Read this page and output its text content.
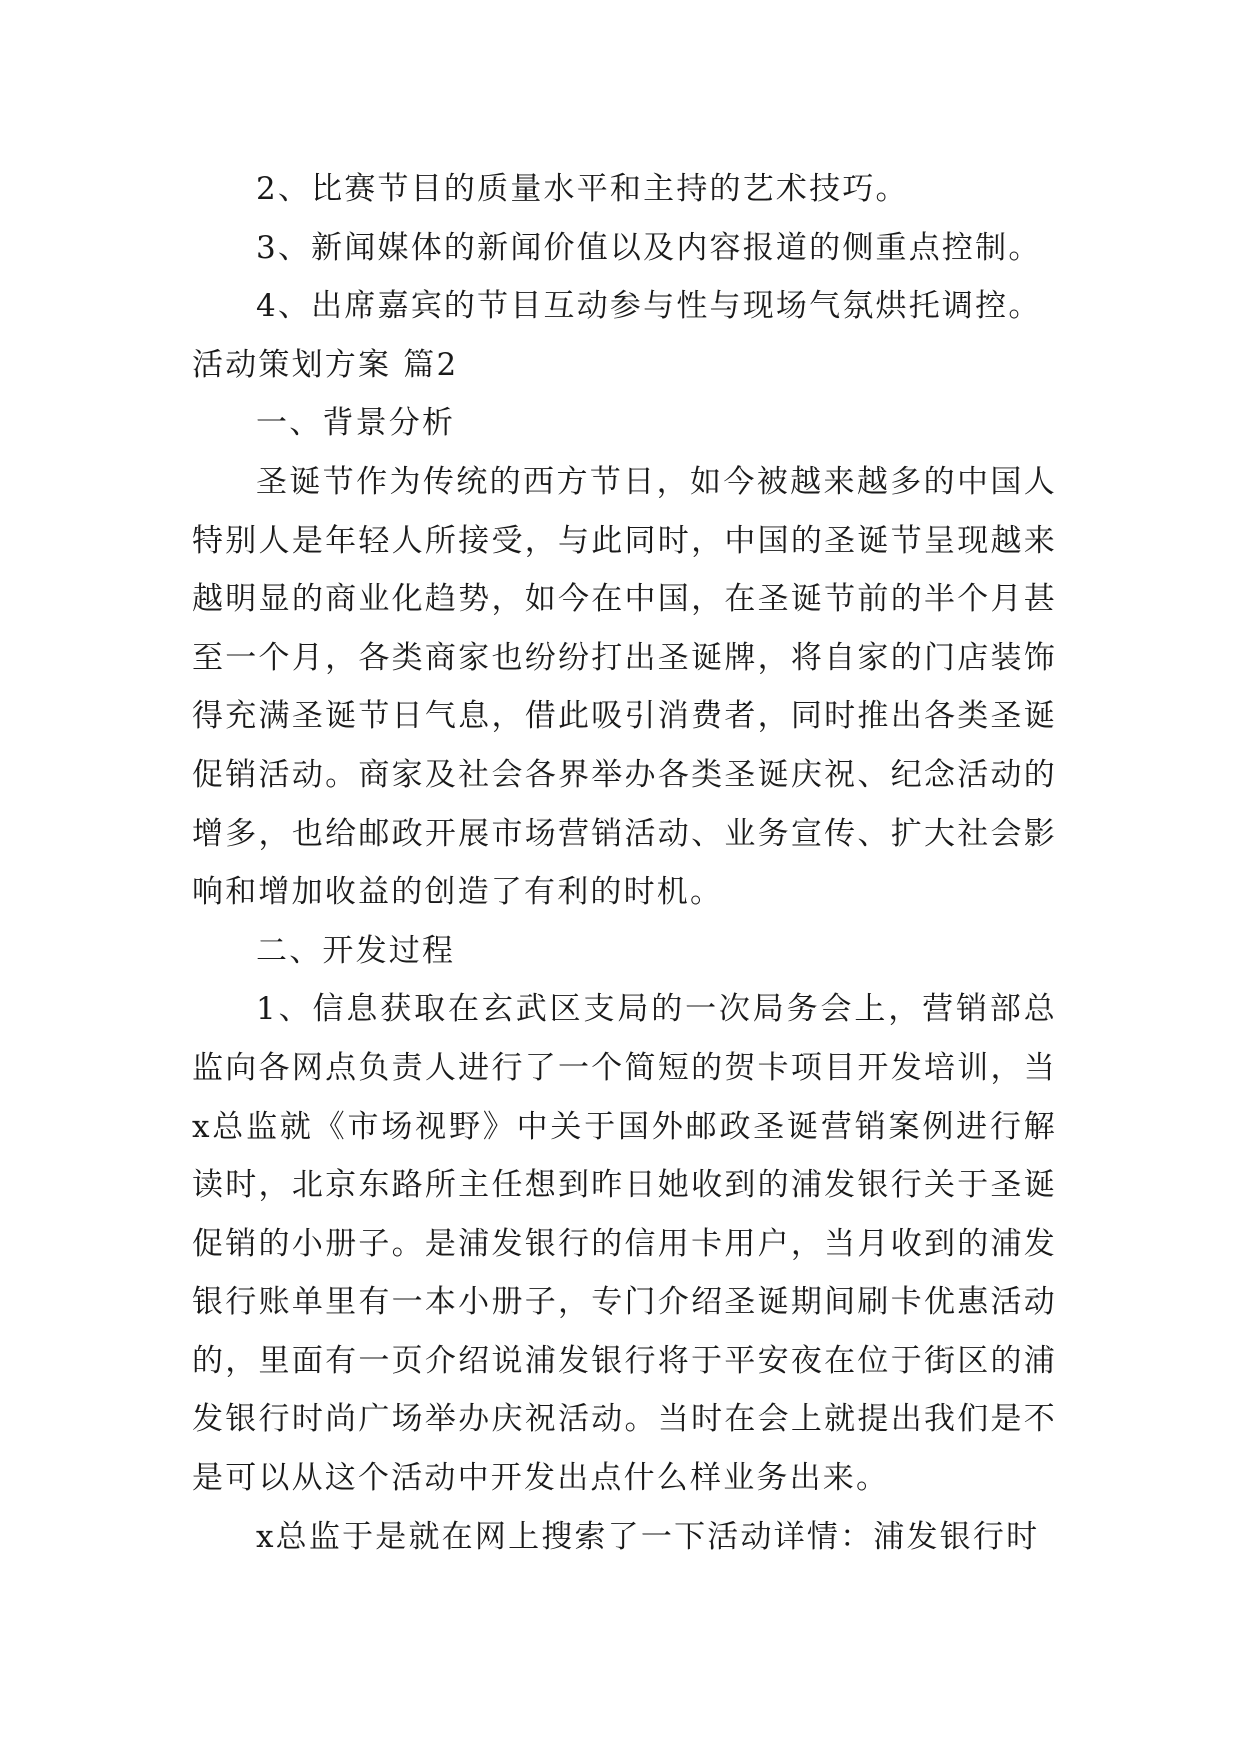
2、比赛节目的质量水平和主持的艺术技巧。

3、新闻媒体的新闻价值以及内容报道的侧重点控制。

4、出席嘉宾的节目互动参与性与现场气氛烘托调控。

活动策划方案 篇2

一、背景分析

圣诞节作为传统的西方节日，如今被越来越多的中国人特别人是年轻人所接受，与此同时，中国的圣诞节呈现越来越明显的商业化趋势，如今在中国，在圣诞节前的半个月甚至一个月，各类商家也纷纷打出圣诞牌，将自家的门店装饰得充满圣诞节日气息，借此吸引消费者，同时推出各类圣诞促销活动。商家及社会各界举办各类圣诞庆祝、纪念活动的增多，也给邮政开展市场营销活动、业务宣传、扩大社会影响和增加收益的创造了有利的时机。

二、开发过程

1、信息获取在玄武区支局的一次局务会上，营销部总监向各网点负责人进行了一个简短的贺卡项目开发培训，当x总监就《市场视野》中关于国外邮政圣诞营销案例进行解读时，北京东路所主任想到昨日她收到的浦发银行关于圣诞促销的小册子。是浦发银行的信用卡用户，当月收到的浦发银行账单里有一本小册子，专门介绍圣诞期间刷卡优惠活动的，里面有一页介绍说浦发银行将于平安夜在位于街区的浦发银行时尚广场举办庆祝活动。当时在会上就提出我们是不是可以从这个活动中开发出点什么样业务出来。

x总监于是就在网上搜索了一下活动详情：浦发银行时
